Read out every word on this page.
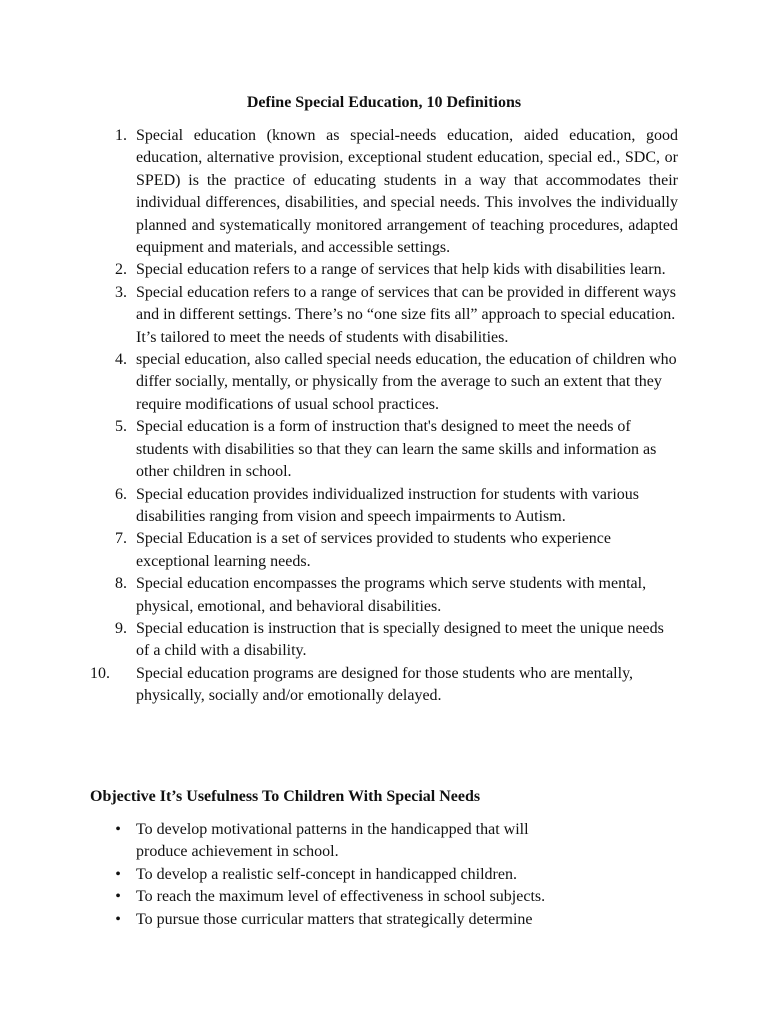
Define Special Education, 10 Definitions
1. Special education (known as special-needs education, aided education, good education, alternative provision, exceptional student education, special ed., SDC, or SPED) is the practice of educating students in a way that accommodates their individual differences, disabilities, and special needs. This involves the individually planned and systematically monitored arrangement of teaching procedures, adapted equipment and materials, and accessible settings.
2. Special education refers to a range of services that help kids with disabilities learn.
3. Special education refers to a range of services that can be provided in different ways and in different settings. There’s no “one size fits all” approach to special education. It’s tailored to meet the needs of students with disabilities.
4. special education, also called special needs education, the education of children who differ socially, mentally, or physically from the average to such an extent that they require modifications of usual school practices.
5. Special education is a form of instruction that's designed to meet the needs of students with disabilities so that they can learn the same skills and information as other children in school.
6. Special education provides individualized instruction for students with various disabilities ranging from vision and speech impairments to Autism.
7. Special Education is a set of services provided to students who experience exceptional learning needs.
8. Special education encompasses the programs which serve students with mental, physical, emotional, and behavioral disabilities.
9. Special education is instruction that is specially designed to meet the unique needs of a child with a disability.
10.	Special education programs are designed for those students who are mentally, physically, socially and/or emotionally delayed.
Objective It’s Usefulness To Children With Special Needs
• To develop motivational patterns in the handicapped that will produce achievement in school.
• To develop a realistic self-concept in handicapped children.
• To reach the maximum level of effectiveness in school subjects.
• To pursue those curricular matters that strategically determine
